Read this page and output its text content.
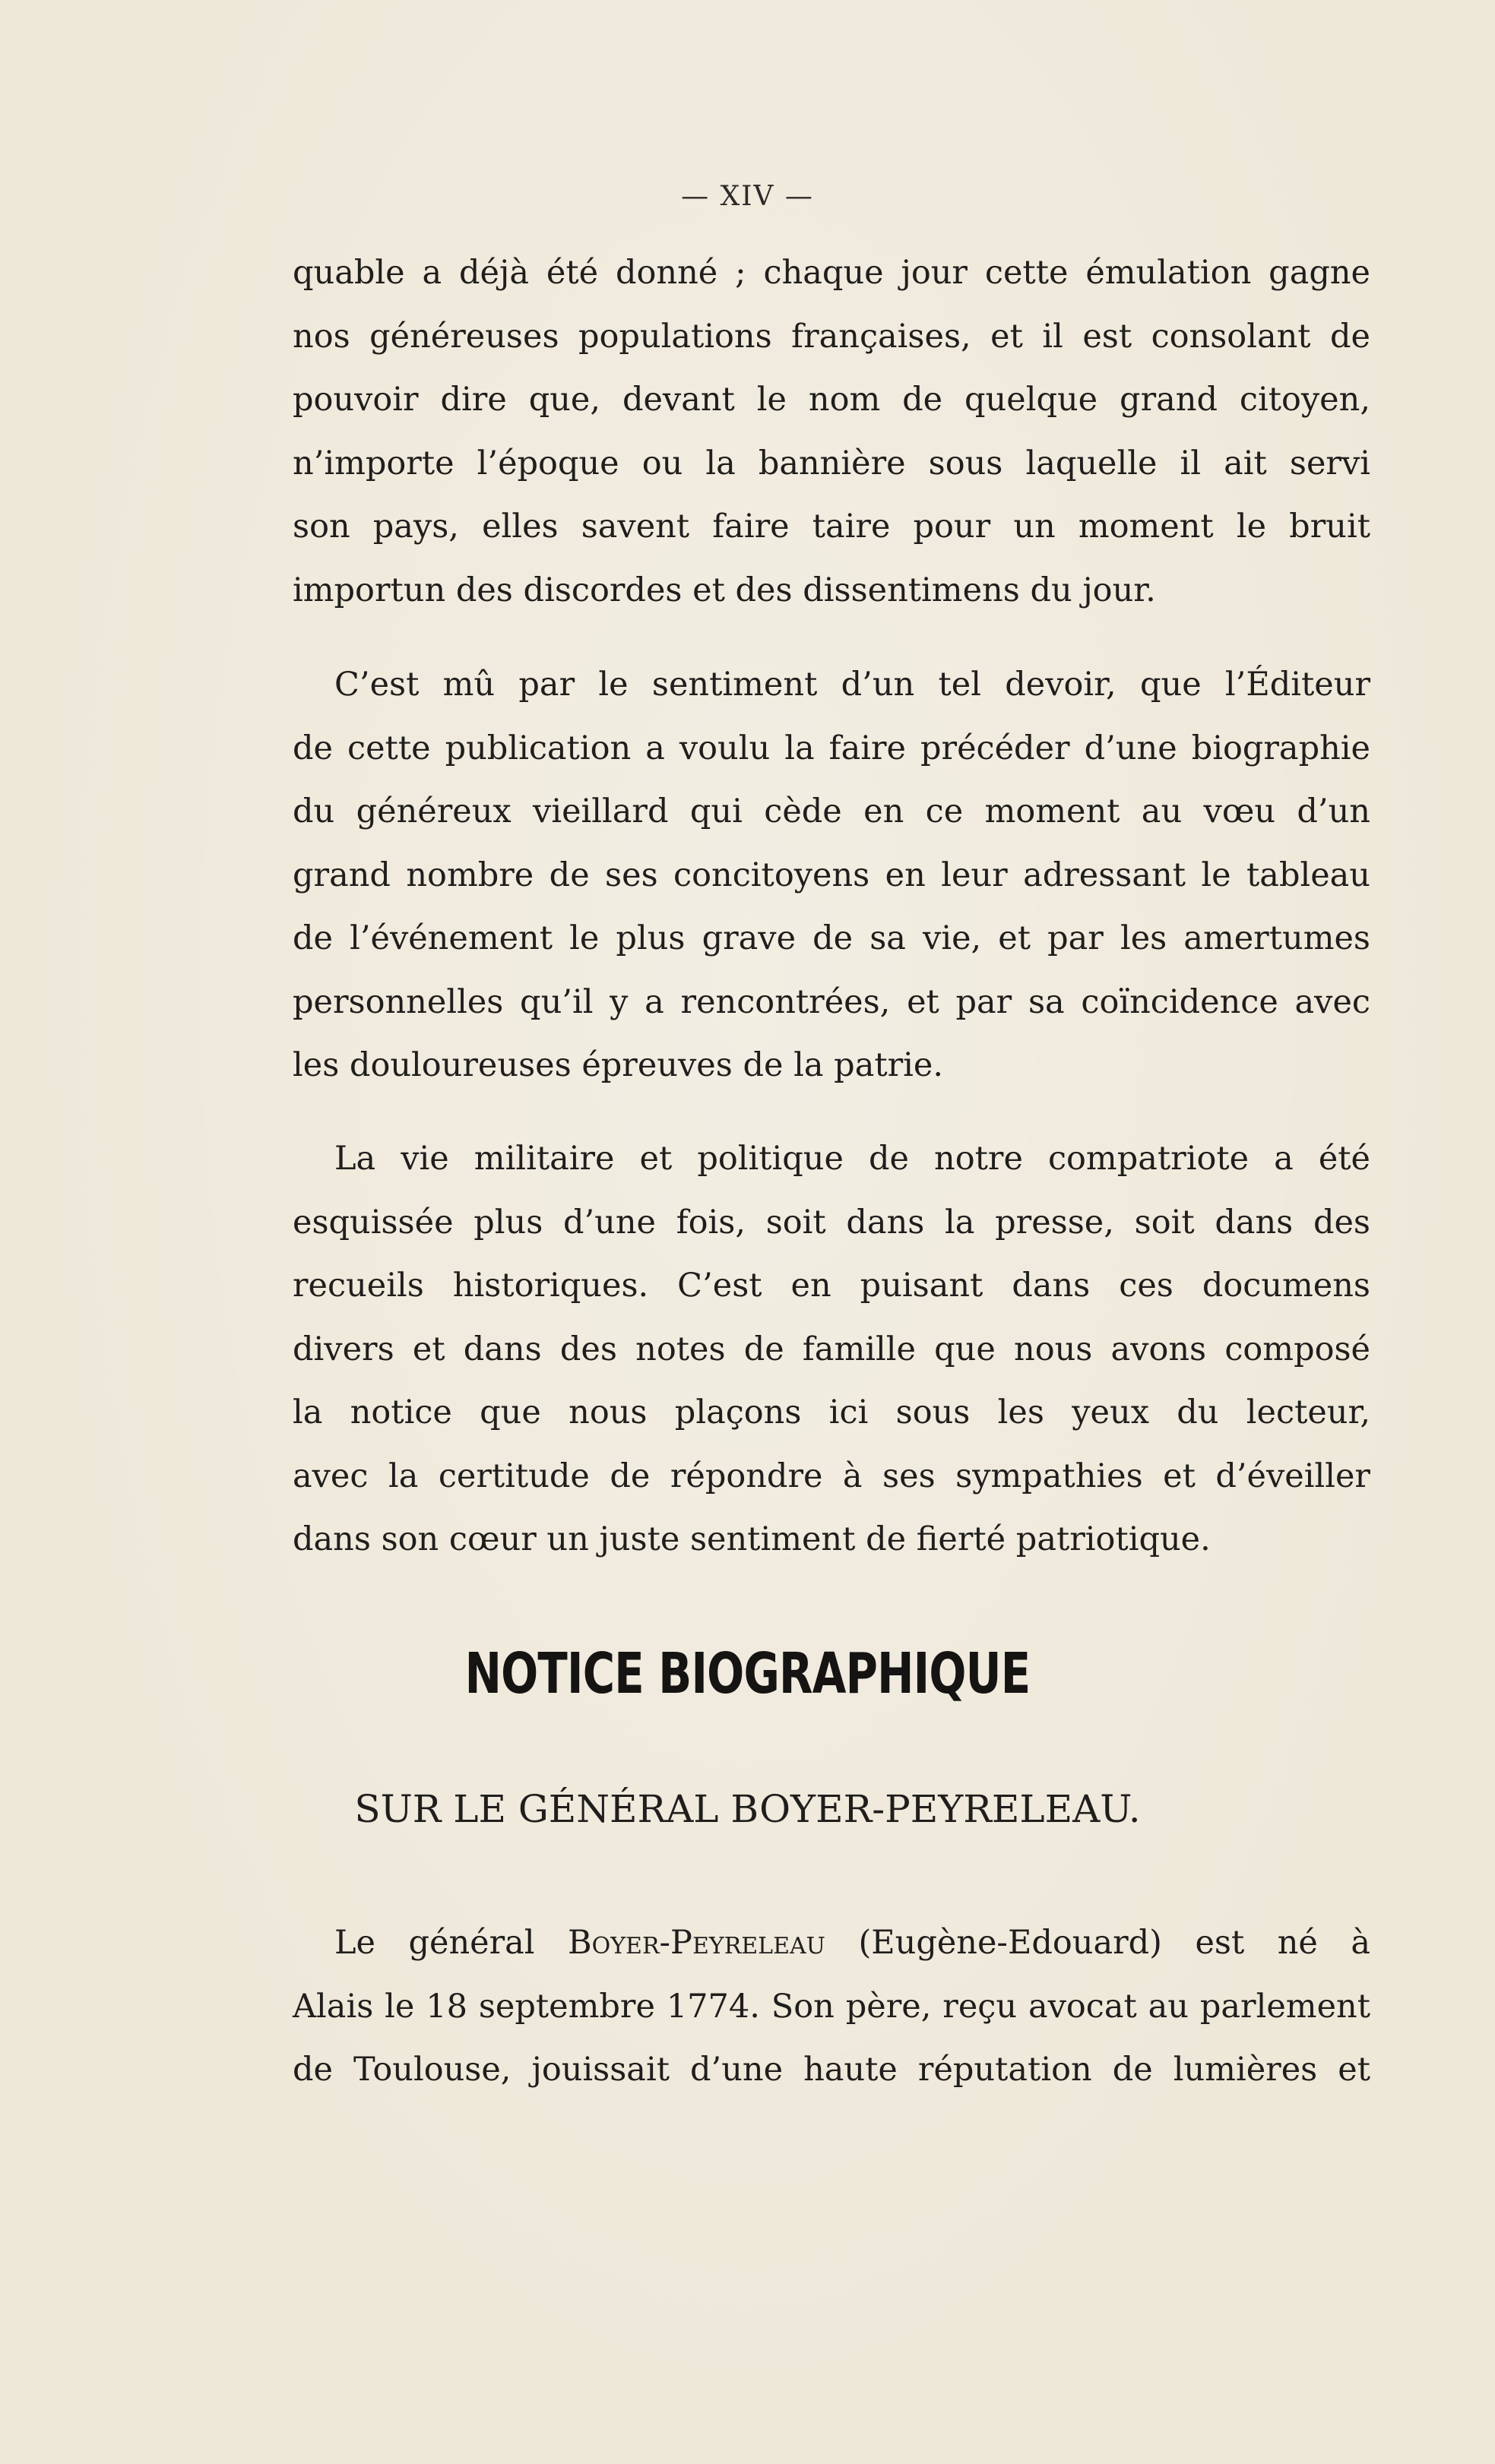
— XIV —
quable a déjà été donné ; chaque jour cette émulation gagne
nos généreuses populations françaises, et il est consolant de
pouvoir dire que, devant le nom de quelque grand citoyen,
n’importe l’époque ou la bannière sous laquelle il ait servi
son pays, elles savent faire taire pour un moment le bruit
importun des discordes et des dissentimens du jour.
C’est mû par le sentiment d’un tel devoir, que l’Éditeur
de cette publication a voulu la faire précéder d’une biographie
du généreux vieillard qui cède en ce moment au vœu d’un
grand nombre de ses concitoyens en leur adressant le tableau
de l’événement le plus grave de sa vie, et par les amertumes
personnelles qu’il y a rencontrées, et par sa coïncidence avec
les douloureuses épreuves de la patrie.
La vie militaire et politique de notre compatriote a été
esquissée plus d’une fois, soit dans la presse, soit dans des
recueils historiques. C’est en puisant dans ces documens
divers et dans des notes de famille que nous avons composé
la notice que nous plaçons ici sous les yeux du lecteur,
avec la certitude de répondre à ses sympathies et d’éveiller
dans son cœur un juste sentiment de fierté patriotique.
NOTICE BIOGRAPHIQUE
SUR LE GÉNÉRAL BOYER-PEYRELEAU.
Le général Boyer-Peyreleau (Eugène-Edouard) est né à
Alais le 18 septembre 1774. Son père, reçu avocat au parlement
de Toulouse, jouissait d’une haute réputation de lumières et
